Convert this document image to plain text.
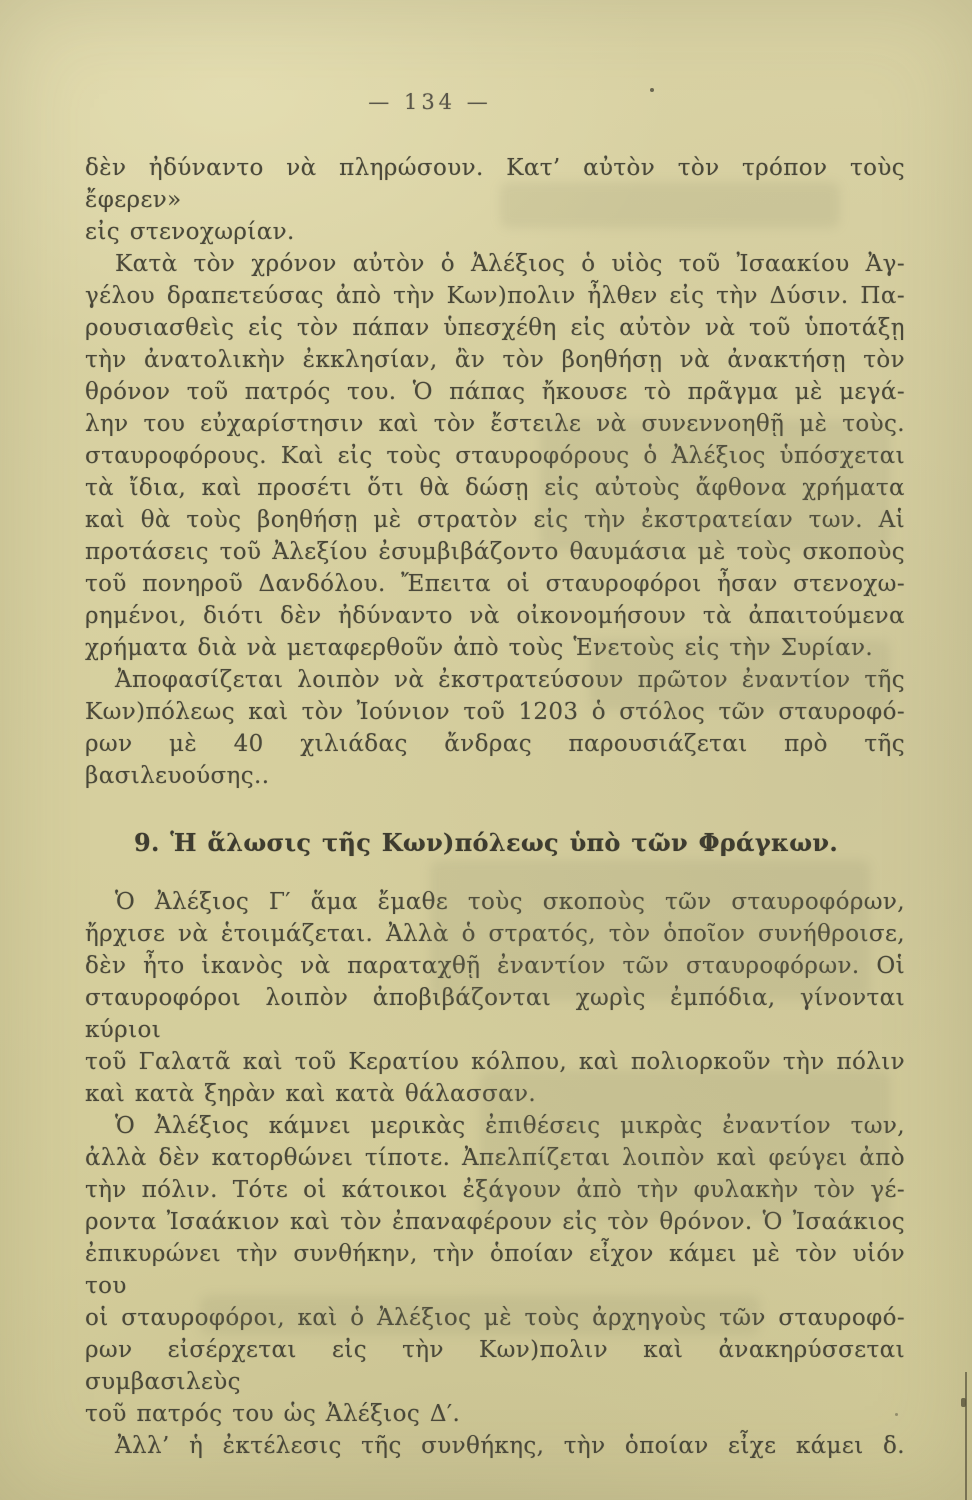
— 134 —
δὲν ἠδύναντο νὰ πληρώσουν. Κατ’ αὐτὸν τὸν τρόπον τοὺς ἔφερεν»
εἰς στενοχωρίαν.
Κατὰ τὸν χρόνον αὐτὸν ὁ Ἀλέξιος ὁ υἱὸς τοῦ Ἰσαακίου Ἀγ-
γέλου δραπετεύσας ἀπὸ τὴν Κων)πολιν ἦλθεν εἰς τὴν Δύσιν. Πα-
ρουσιασθεὶς εἰς τὸν πάπαν ὑπεσχέθη εἰς αὐτὸν νὰ τοῦ ὑποτάξῃ
τὴν ἀνατολικὴν ἐκκλησίαν, ἂν τὸν βοηθήσῃ νὰ ἀνακτήσῃ τὸν
θρόνον τοῦ πατρός του. Ὁ πάπας ἤκουσε τὸ πρᾶγμα μὲ μεγά-
λην του εὐχαρίστησιν καὶ τὸν ἔστειλε νὰ συνεννοηθῇ μὲ τοὺς.
σταυροφόρους. Καὶ εἰς τοὺς σταυροφόρους ὁ Ἀλέξιος ὑπόσχεται
τὰ ἴδια, καὶ προσέτι ὅτι θὰ δώσῃ εἰς αὐτοὺς ἄφθονα χρήματα
καὶ θὰ τοὺς βοηθήσῃ μὲ στρατὸν εἰς τὴν ἐκστρατείαν των. Αἱ
προτάσεις τοῦ Ἀλεξίου ἐσυμβιβάζοντο θαυμάσια μὲ τοὺς σκοποὺς
τοῦ πονηροῦ Δανδόλου. Ἔπειτα οἱ σταυροφόροι ἦσαν στενοχω-
ρημένοι, διότι δὲν ἠδύναντο νὰ οἰκονομήσουν τὰ ἀπαιτούμενα
χρήματα διὰ νὰ μεταφερθοῦν ἀπὸ τοὺς Ἑνετοὺς εἰς τὴν Συρίαν.
Ἀποφασίζεται λοιπὸν νὰ ἐκστρατεύσουν πρῶτον ἐναντίον τῆς
Κων)πόλεως καὶ τὸν Ἰούνιον τοῦ 1203 ὁ στόλος τῶν σταυροφό-
ρων μὲ 40 χιλιάδας ἄνδρας παρουσιάζεται πρὸ τῆς βασιλευούσης..
9. Ἡ ἅλωσις τῆς Κων)πόλεως ὑπὸ τῶν Φράγκων.
Ὁ Ἀλέξιος Γ′ ἅμα ἔμαθε τοὺς σκοποὺς τῶν σταυροφόρων,
ἤρχισε νὰ ἑτοιμάζεται. Ἀλλὰ ὁ στρατός, τὸν ὁποῖον συνήθροισε,
δὲν ἦτο ἱκανὸς νὰ παραταχθῇ ἐναντίον τῶν σταυροφόρων. Οἱ
σταυροφόροι λοιπὸν ἀποβιβάζονται χωρὶς ἐμπόδια, γίνονται κύριοι
τοῦ Γαλατᾶ καὶ τοῦ Κερατίου κόλπου, καὶ πολιορκοῦν τὴν πόλιν
καὶ κατὰ ξηρὰν καὶ κατὰ θάλασσαν.
Ὁ Ἀλέξιος κάμνει μερικὰς ἐπιθέσεις μικρὰς ἐναντίον των,
ἀλλὰ δὲν κατορθώνει τίποτε. Ἀπελπίζεται λοιπὸν καὶ φεύγει ἀπὸ
τὴν πόλιν. Τότε οἱ κάτοικοι ἐξάγουν ἀπὸ τὴν φυλακὴν τὸν γέ-
ροντα Ἰσαάκιον καὶ τὸν ἐπαναφέρουν εἰς τὸν θρόνον. Ὁ Ἰσαάκιος
ἐπικυρώνει τὴν συνθήκην, τὴν ὁποίαν εἶχον κάμει μὲ τὸν υἱόν του
οἱ σταυροφόροι, καὶ ὁ Ἀλέξιος μὲ τοὺς ἀρχηγοὺς τῶν σταυροφό-
ρων εἰσέρχεται εἰς τὴν Κων)πολιν καὶ ἀνακηρύσσεται συμβασιλεὺς
τοῦ πατρός του ὡς Ἀλέξιος Δ′.
Ἀλλ’ ἡ ἐκτέλεσις τῆς συνθήκης, τὴν ὁποίαν εἶχε κάμει δ.
